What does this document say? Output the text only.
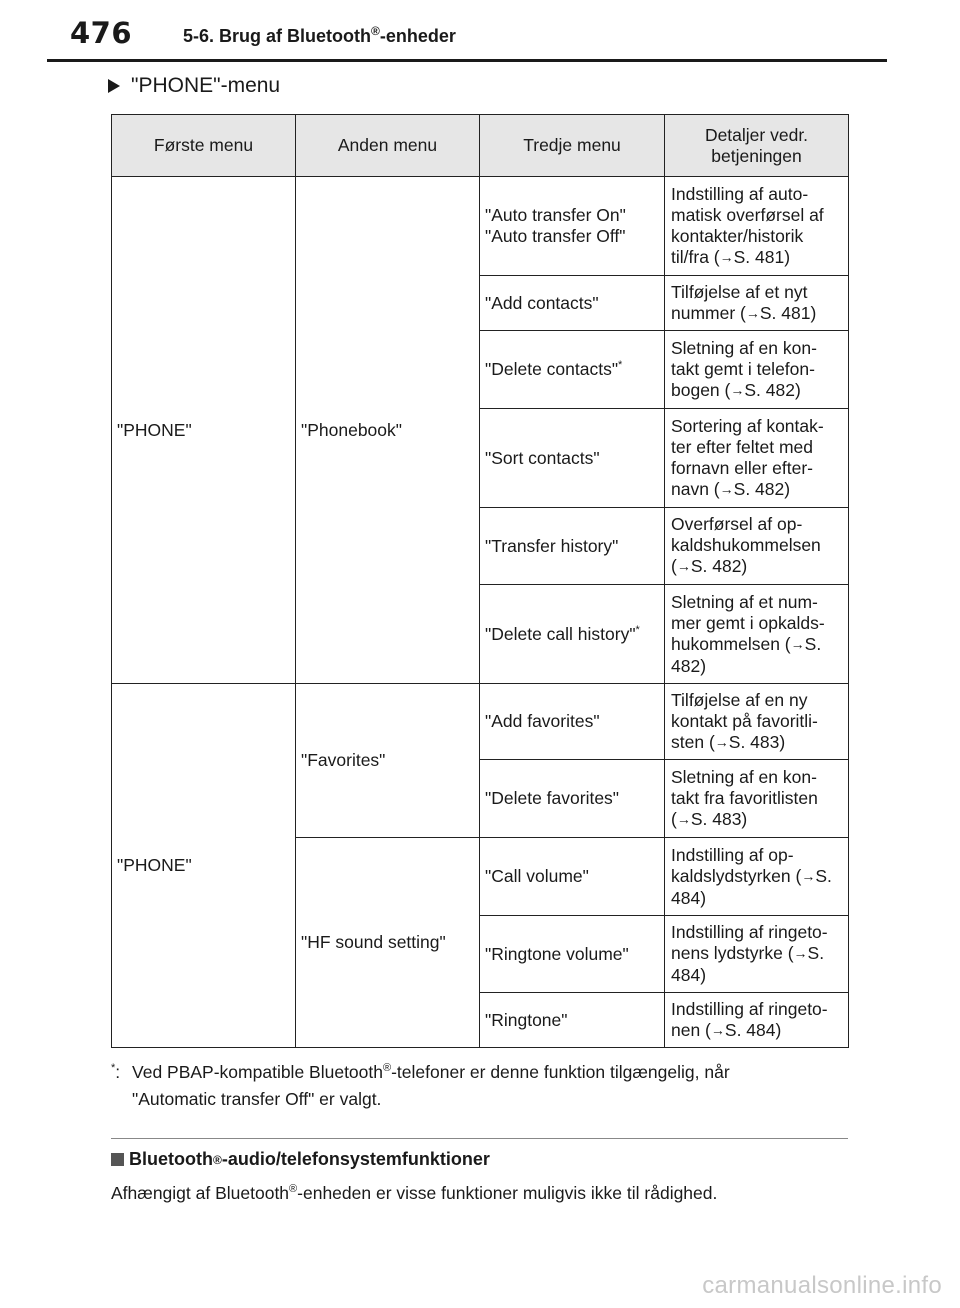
476	5-6. Brug af Bluetooth®-enheder
"PHONE"-menu
Første menu	Anden menu	Tredje menu	Detaljer vedr. betjeningen
"PHONE"	"Phonebook"	"Auto transfer On" "Auto transfer Off"	Indstilling af auto- matisk overførsel af kontakter/historik til/fra (→S. 481)
		"Add contacts"	Tilføjelse af et nyt nummer (→S. 481)
		"Delete contacts"*	Sletning af en kon- takt gemt i telefon- bogen (→S. 482)
		"Sort contacts"	Sortering af kontak- ter efter feltet med fornavn eller efter- navn (→S. 482)
		"Transfer history"	Overførsel af op- kaldshukommelsen (→S. 482)
		"Delete call history"*	Sletning af et num- mer gemt i opkalds- hukommelsen (→S. 482)
"PHONE"	"Favorites"	"Add favorites"	Tilføjelse af en ny kontakt på favoritli- sten (→S. 483)
		"Delete favorites"	Sletning af en kon- takt fra favoritlisten (→S. 483)
	"HF sound setting"	"Call volume"	Indstilling af op- kaldslydstyrken (→S. 484)
		"Ringtone volume"	Indstilling af ringeto- nens lydstyrke (→S. 484)
		"Ringtone"	Indstilling af ringeto- nen (→S. 484)
*: Ved PBAP-kompatible Bluetooth®-telefoner er denne funktion tilgængelig, når
"Automatic transfer Off" er valgt.
Bluetooth ® -audio/telefonsystemfunktioner
Afhængigt af Bluetooth®-enheden er visse funktioner muligvis ikke til rådighed.
carmanualsonline.info
